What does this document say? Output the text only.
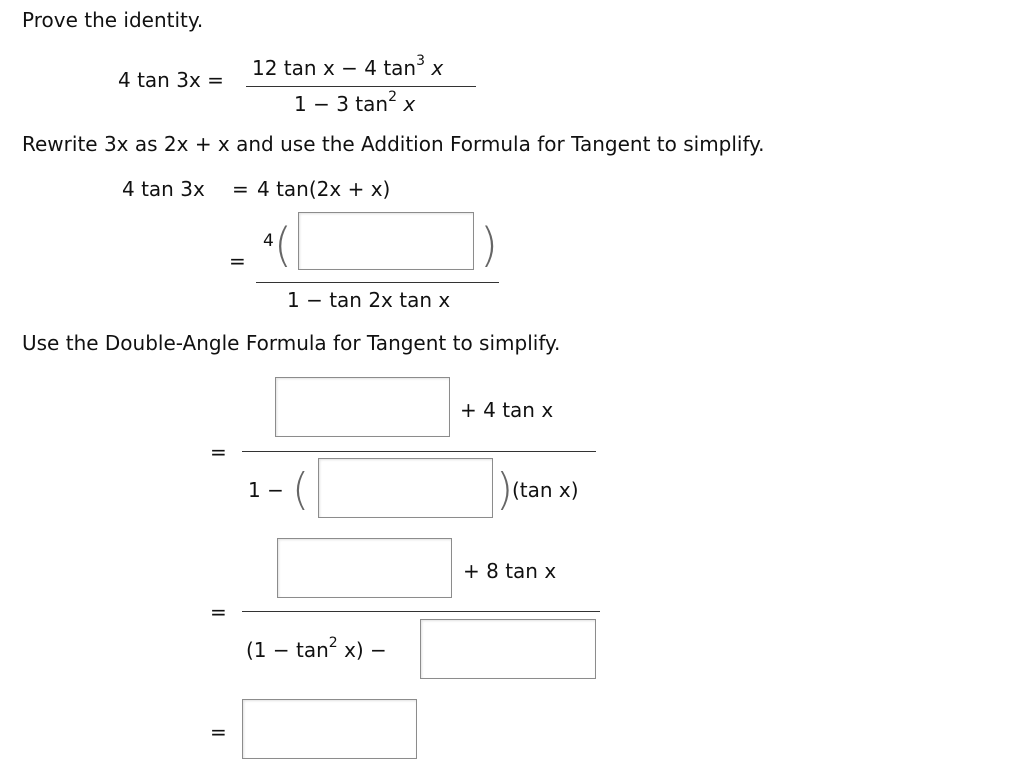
Prove the identity.
4 tan 3x = 12 tan x − 4 $\tan^3 x$
1 − 3 $\tan^2 x$
Rewrite 3x as 2x + x and use the Addition Formula for Tangent to simplify.
4 tan 3x = 4 tan(2x + x)
=
4 (	)
1 − tan 2x tan x
Use the Double-Angle Formula for Tangent to simplify.
=
+ 4 tan x
1 − (	)
(tan x)
=
+ 8 tan x
$(1 - \tan^2 x)$ −
=
